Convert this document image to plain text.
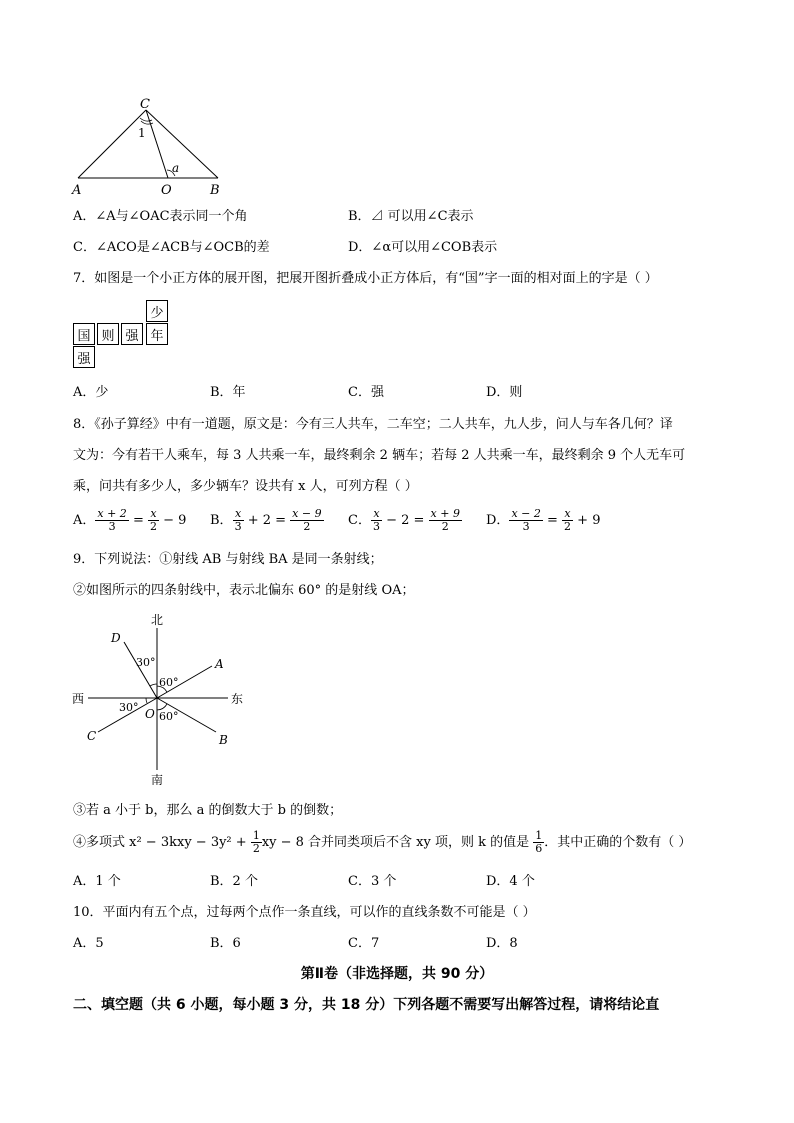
C
1
a
A	O	B
A．∠A与∠OAC表示同一个角	B．⊿ 可以用∠C表示
C．∠ACO是∠ACB与∠OCB的差	D．∠α可以用∠COB表示
7．如图是一个小正方体的展开图，把展开图折叠成小正方体后，有“国”字一面的相对面上的字是（ ）
少
国 则 强 年
强
A．少	B．年	C．强	D．则
8．《孙子算经》中有一道题，原文是：今有三人共车，二车空；二人共车，九人步，问人与车各几何？译
文为：今有若干人乘车，每 3 人共乘一车，最终剩余 2 辆车；若每 2 人共乘一车，最终剩余 9 个人无车可
乘，问共有多少人，多少辆车？设共有 x 人，可列方程（ ）
A． $\frac{x + 2}{3} = \frac{x}{2} - 9$ B． $\frac{x}{3} + 2 = \frac{x - 9}{2}$ C． $\frac{x}{3} - 2 = \frac{x + 9}{2}$ D． $\frac{x - 2}{3} = \frac{x}{2} + 9$
9．下列说法：①射线 AB 与射线 BA 是同一条射线；
②如图所示的四条射线中，表示北偏东 60° 的是射线 OA；
北
南
西	东
D
A
C	B
O
30°
60°
30°
60°
③若 a 小于 b，那么 a 的倒数大于 b 的倒数；
④多项式 $x^2 - 3kxy - 3y^2 + \frac{1}{2}$ xy − 8 合并同类项后不含 xy 项，则 k 的值是 $\frac{1}{6}$ ．其中正确的个数有（ ）
A．1 个	B．2 个	C．3 个	D．4 个
10．平面内有五个点，过每两个点作一条直线，可以作的直线条数不可能是（ ）
A．5	B．6	C．7	D．8
第Ⅱ卷（非选择题，共 90 分）
二、填空题（共 6 小题，每小题 3 分，共 18 分）下列各题不需要写出解答过程，请将结论直
